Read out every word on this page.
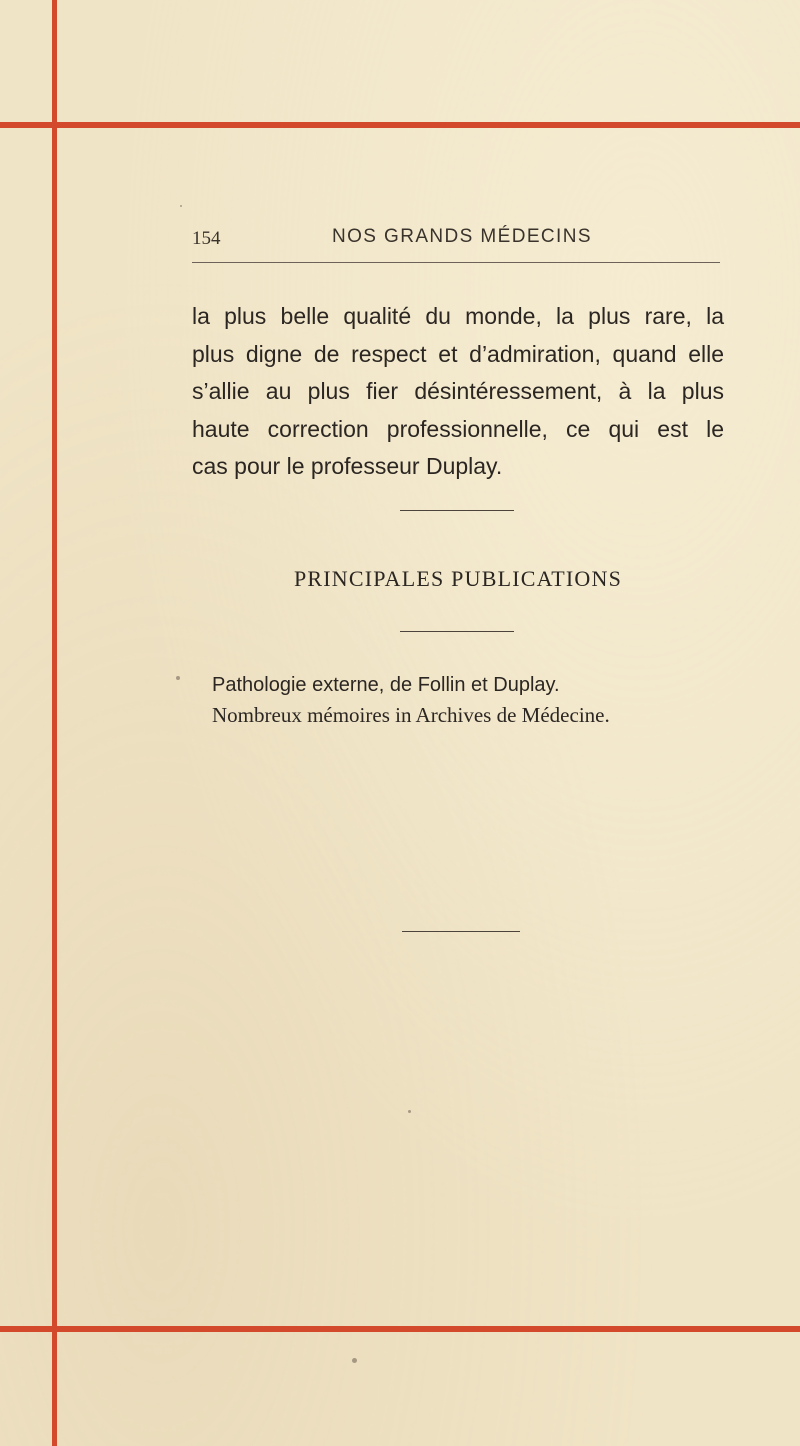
154	NOS GRANDS MÉDECINS

la plus belle qualité du monde, la plus rare, la
plus digne de respect et d’admiration, quand elle
s’allie au plus fier désintéressement, à la plus
haute correction professionnelle, ce qui est le
cas pour le professeur Duplay.

PRINCIPALES PUBLICATIONS
Pathologie externe, de Follin et Duplay.
Nombreux mémoires in Archives de Médecine.
